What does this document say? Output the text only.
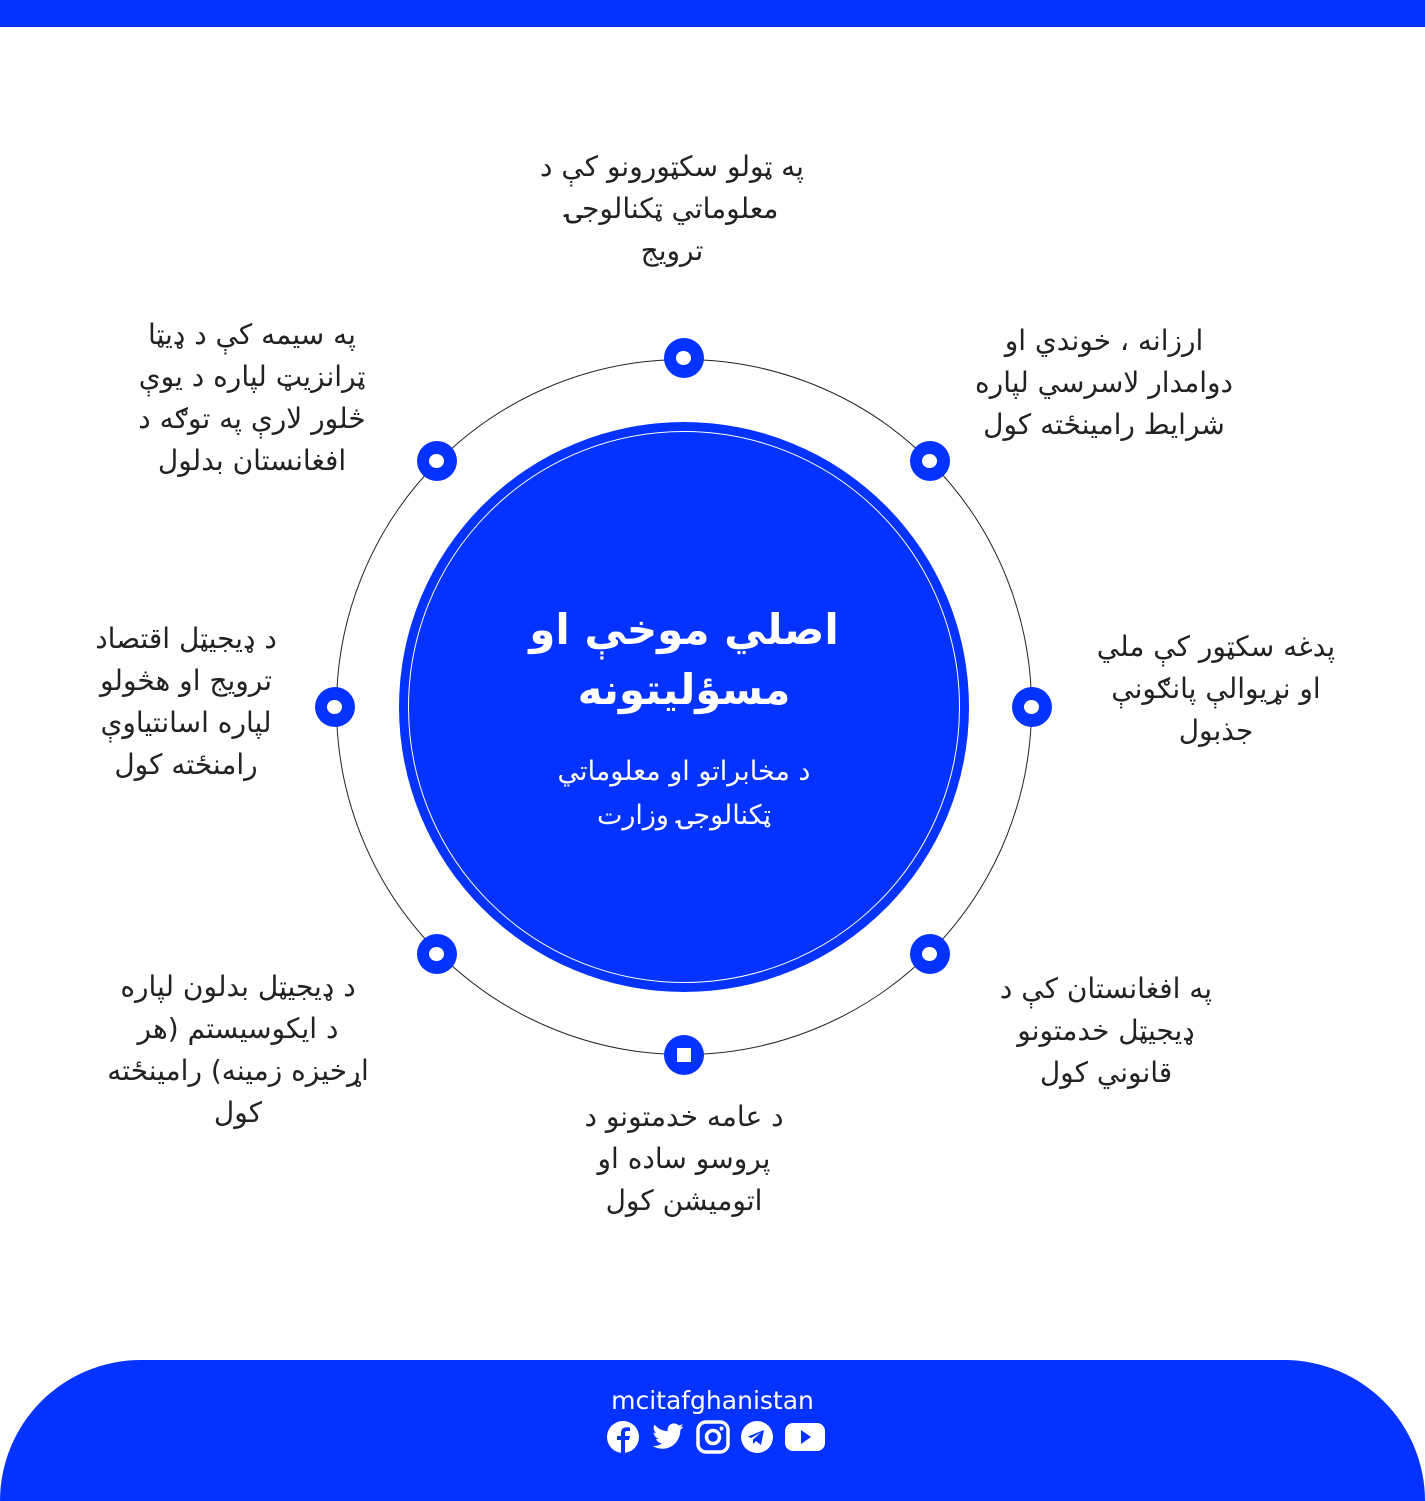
اصلي موخې او
مسؤلیتونه
د مخابراتو او معلوماتي
ټکنالوجۍ وزارت
په ټولو سکټورونو کې د
معلوماتي ټکنالوجۍ
ترویج
ارزانه ، خوندي او
دوامدار لاسرسي لپاره
شرایط رامینځته کول
پدغه سکټور کې ملي
او نړیوالې پانګونې
جذبول
په افغانستان کې د
ډیجیټل خدمتونو
قانوني کول
د عامه خدمتونو د
پروسو ساده او
اتومیشن کول
د ډیجیټل بدلون لپاره
د ایکوسیستم (هر
اړخیزه زمینه) رامینځته
کول
د ډیجیټل اقتصاد
ترویج او هڅولو
لپاره اسانتیاوې
رامنځته کول
په سیمه کې د ډیټا
ټرانزیټ لپاره د یوې
څلور لارې په توګه د
افغانستان بدلول
mcitafghanistan
